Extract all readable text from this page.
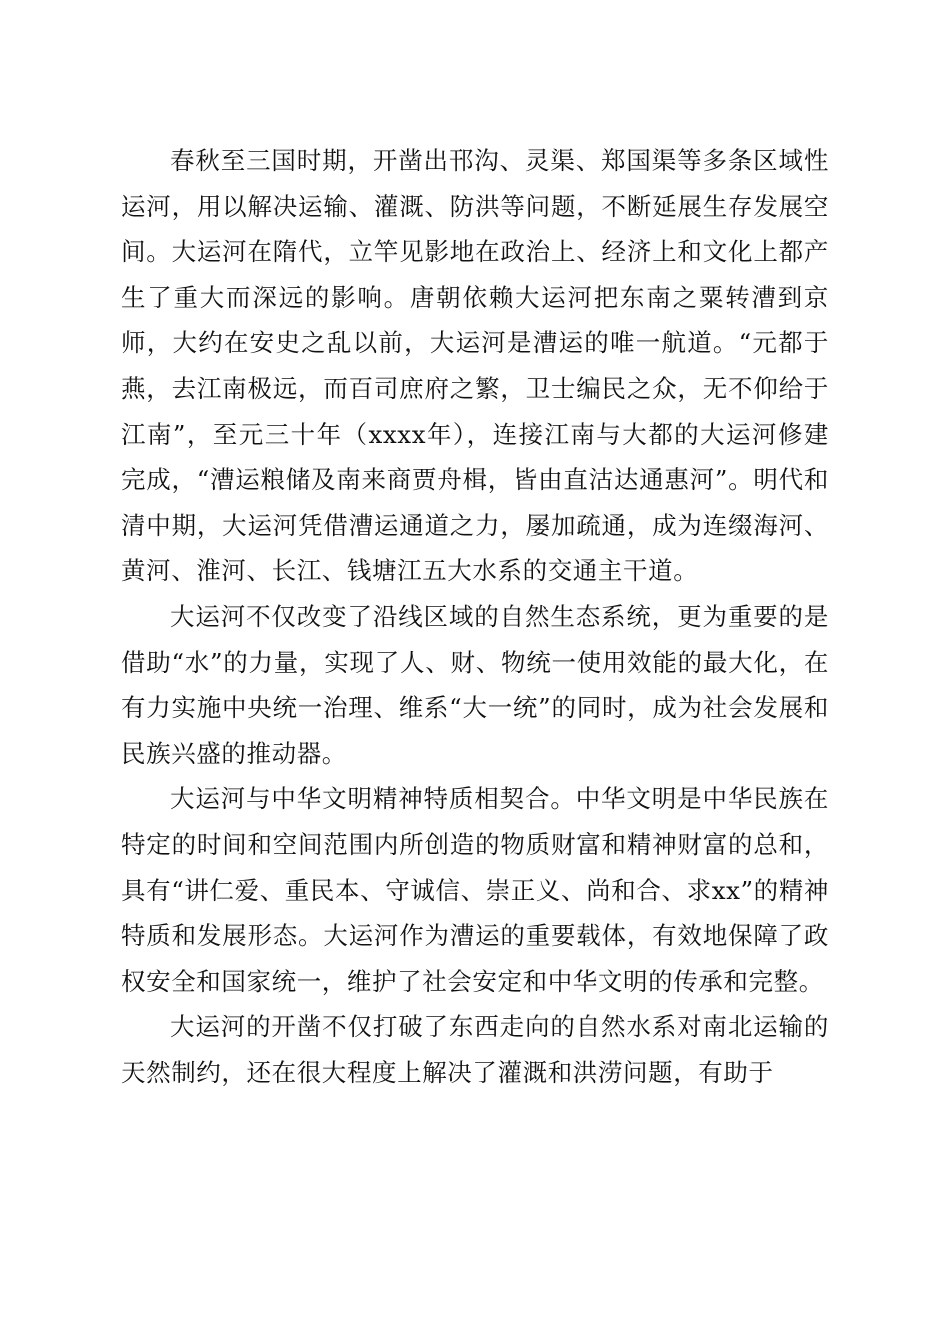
春秋至三国时期，开凿出邗沟、灵渠、郑国渠等多条区域性运河，用以解决运输、灌溉、防洪等问题，不断延展生存发展空间。大运河在隋代，立竿见影地在政治上、经济上和文化上都产生了重大而深远的影响。唐朝依赖大运河把东南之粟转漕到京师，大约在安史之乱以前，大运河是漕运的唯一航道。“元都于燕，去江南极远，而百司庶府之繁，卫士编民之众，无不仰给于江南”，至元三十年（xxxx年），连接江南与大都的大运河修建完成，“漕运粮储及南来商贾舟楫，皆由直沽达通惠河”。明代和清中期，大运河凭借漕运通道之力，屡加疏通，成为连缀海河、黄河、淮河、长江、钱塘江五大水系的交通主干道。

大运河不仅改变了沿线区域的自然生态系统，更为重要的是借助“水”的力量，实现了人、财、物统一使用效能的最大化，在有力实施中央统一治理、维系“大一统”的同时，成为社会发展和民族兴盛的推动器。

大运河与中华文明精神特质相契合。中华文明是中华民族在特定的时间和空间范围内所创造的物质财富和精神财富的总和，具有“讲仁爱、重民本、守诚信、崇正义、尚和合、求xx”的精神特质和发展形态。大运河作为漕运的重要载体，有效地保障了政权安全和国家统一，维护了社会安定和中华文明的传承和完整。

大运河的开凿不仅打破了东西走向的自然水系对南北运输的天然制约，还在很大程度上解决了灌溉和洪涝问题，有助于
